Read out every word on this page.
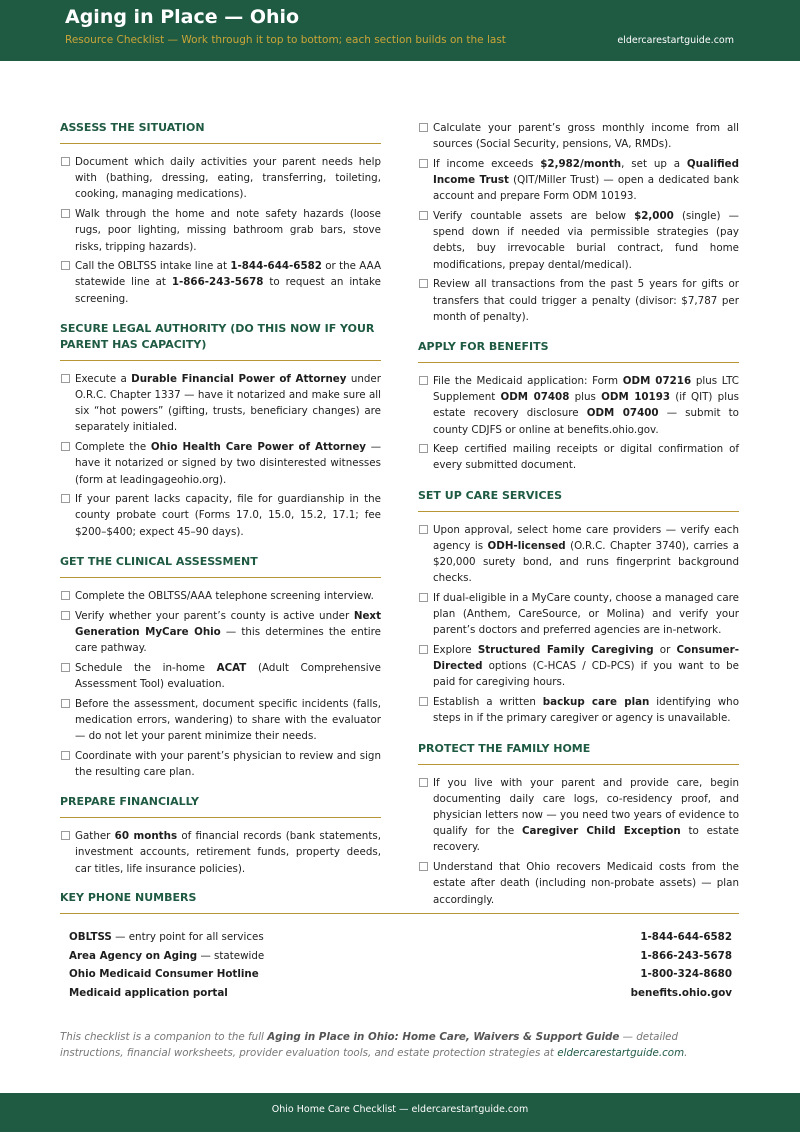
Aging in Place — Ohio
Resource Checklist — Work through it top to bottom; each section builds on the last	eldercarestartguide.com
ASSESS THE SITUATION
Document which daily activities your parent needs help with (bathing, dressing, eating, transferring, toileting, cooking, managing medications).
Walk through the home and note safety hazards (loose rugs, poor lighting, missing bathroom grab bars, stove risks, tripping hazards).
Call the OBLTSS intake line at 1-844-644-6582 or the AAA statewide line at 1-866-243-5678 to request an intake screening.
SECURE LEGAL AUTHORITY (DO THIS NOW IF YOUR PARENT HAS CAPACITY)
Execute a Durable Financial Power of Attorney under O.R.C. Chapter 1337 — have it notarized and make sure all six “hot powers” (gifting, trusts, beneficiary changes) are separately initialed.
Complete the Ohio Health Care Power of Attorney — have it notarized or signed by two disinterested witnesses (form at leadingageohio.org).
If your parent lacks capacity, file for guardianship in the county probate court (Forms 17.0, 15.0, 15.2, 17.1; fee $200–$400; expect 45–90 days).
GET THE CLINICAL ASSESSMENT
Complete the OBLTSS/AAA telephone screening interview.
Verify whether your parent’s county is active under Next Generation MyCare Ohio — this determines the entire care pathway.
Schedule the in-home ACAT (Adult Comprehensive Assessment Tool) evaluation.
Before the assessment, document specific incidents (falls, medication errors, wandering) to share with the evaluator — do not let your parent minimize their needs.
Coordinate with your parent’s physician to review and sign the resulting care plan.
PREPARE FINANCIALLY
Gather 60 months of financial records (bank statements, investment accounts, retirement funds, property deeds, car titles, life insurance policies).
Calculate your parent’s gross monthly income from all sources (Social Security, pensions, VA, RMDs).
If income exceeds $2,982/month, set up a Qualified Income Trust (QIT/Miller Trust) — open a dedicated bank account and prepare Form ODM 10193.
Verify countable assets are below $2,000 (single) — spend down if needed via permissible strategies (pay debts, buy irrevocable burial contract, fund home modifications, prepay dental/medical).
Review all transactions from the past 5 years for gifts or transfers that could trigger a penalty (divisor: $7,787 per month of penalty).
APPLY FOR BENEFITS
File the Medicaid application: Form ODM 07216 plus LTC Supplement ODM 07408 plus ODM 10193 (if QIT) plus estate recovery disclosure ODM 07400 — submit to county CDJFS or online at benefits.ohio.gov.
Keep certified mailing receipts or digital confirmation of every submitted document.
SET UP CARE SERVICES
Upon approval, select home care providers — verify each agency is ODH-licensed (O.R.C. Chapter 3740), carries a $20,000 surety bond, and runs fingerprint background checks.
If dual-eligible in a MyCare county, choose a managed care plan (Anthem, CareSource, or Molina) and verify your parent’s doctors and preferred agencies are in-network.
Explore Structured Family Caregiving or Consumer-Directed options (C-HCAS / CD-PCS) if you want to be paid for caregiving hours.
Establish a written backup care plan identifying who steps in if the primary caregiver or agency is unavailable.
PROTECT THE FAMILY HOME
If you live with your parent and provide care, begin documenting daily care logs, co-residency proof, and physician letters now — you need two years of evidence to qualify for the Caregiver Child Exception to estate recovery.
Understand that Ohio recovers Medicaid costs from the estate after death (including non-probate assets) — plan accordingly.
KEY PHONE NUMBERS
OBLTSS — entry point for all services	1-844-644-6582
Area Agency on Aging — statewide	1-866-243-5678
Ohio Medicaid Consumer Hotline	1-800-324-8680
Medicaid application portal	benefits.ohio.gov
This checklist is a companion to the full Aging in Place in Ohio: Home Care, Waivers & Support Guide — detailed instructions, financial worksheets, provider evaluation tools, and estate protection strategies at eldercarestartguide.com.
Ohio Home Care Checklist — eldercarestartguide.com
